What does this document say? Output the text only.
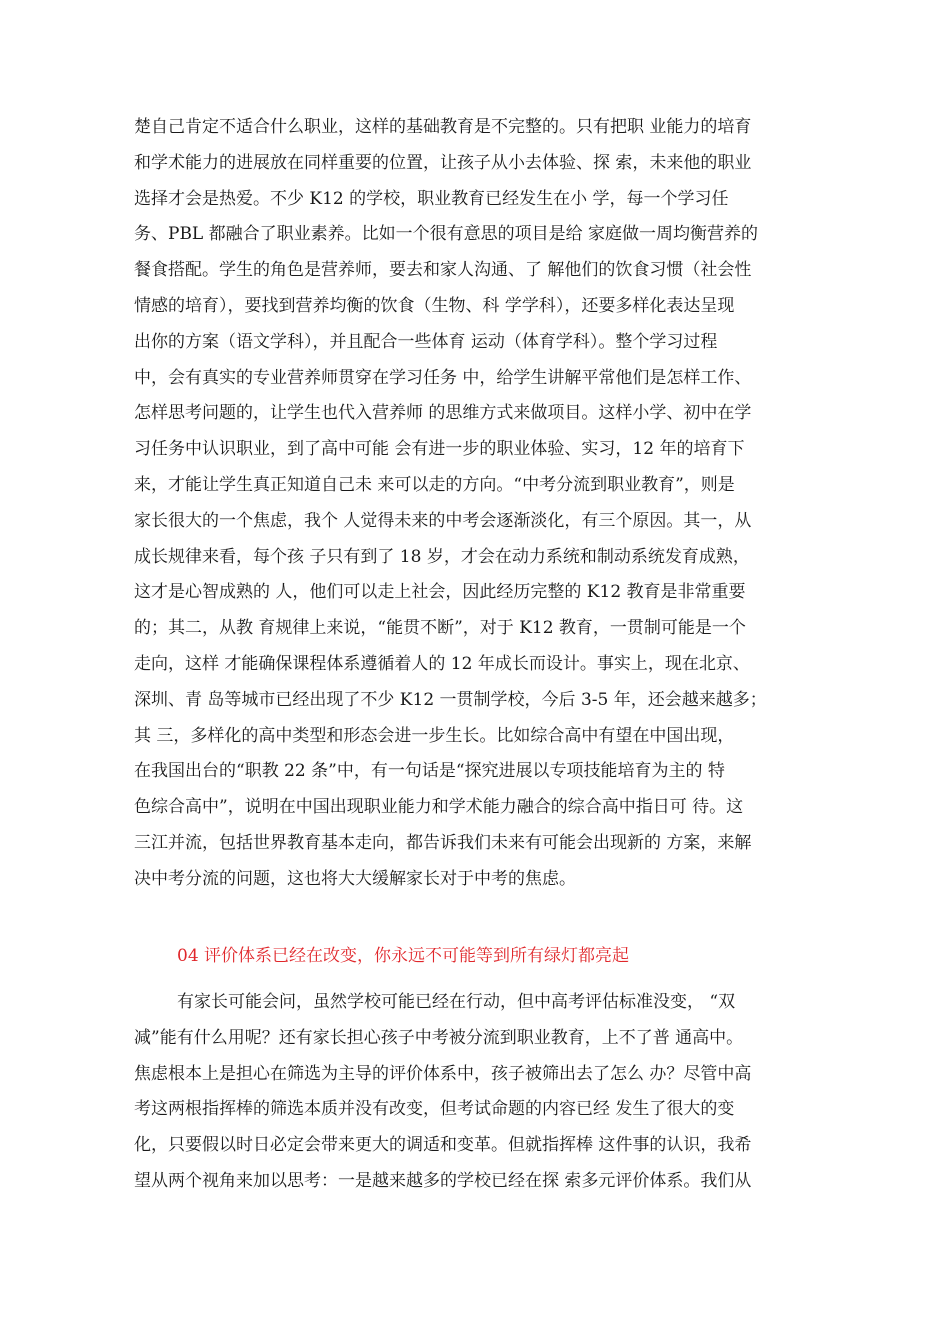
楚自己肯定不适合什么职业，这样的基础教育是不完整的。只有把职 业能力的培育
和学术能力的进展放在同样重要的位置，让孩子从小去体验、探 索，未来他的职业
选择才会是热爱。不少 K12 的学校，职业教育已经发生在小 学，每一个学习任
务、PBL 都融合了职业素养。比如一个很有意思的项目是给 家庭做一周均衡营养的
餐食搭配。学生的角色是营养师，要去和家人沟通、了 解他们的饮食习惯（社会性
情感的培育），要找到营养均衡的饮食（生物、科 学学科），还要多样化表达呈现
出你的方案（语文学科），并且配合一些体育 运动（体育学科）。整个学习过程
中，会有真实的专业营养师贯穿在学习任务 中，给学生讲解平常他们是怎样工作、
怎样思考问题的，让学生也代入营养师 的思维方式来做项目。这样小学、初中在学
习任务中认识职业，到了高中可能 会有进一步的职业体验、实习，12 年的培育下
来，才能让学生真正知道自己未 来可以走的方向。“中考分流到职业教育”，则是
家长很大的一个焦虑，我个 人觉得未来的中考会逐渐淡化，有三个原因。其一，从
成长规律来看，每个孩 子只有到了 18 岁，才会在动力系统和制动系统发育成熟，
这才是心智成熟的 人，他们可以走上社会，因此经历完整的 K12 教育是非常重要
的；其二，从教 育规律上来说，“能贯不断”，对于 K12 教育，一贯制可能是一个
走向，这样 才能确保课程体系遵循着人的 12 年成长而设计。事实上，现在北京、
深圳、青 岛等城市已经出现了不少 K12 一贯制学校，今后 3-5 年，还会越来越多；
其 三，多样化的高中类型和形态会进一步生长。比如综合高中有望在中国出现，
在我国出台的“职教 22 条”中，有一句话是“探究进展以专项技能培育为主的 特
色综合高中”，说明在中国出现职业能力和学术能力融合的综合高中指日可 待。这
三江并流，包括世界教育基本走向，都告诉我们未来有可能会出现新的 方案，来解
决中考分流的问题，这也将大大缓解家长对于中考的焦虑。
04 评价体系已经在改变，你永远不可能等到所有绿灯都亮起
有家长可能会问，虽然学校可能已经在行动，但中高考评估标准没变， “双
减”能有什么用呢？还有家长担心孩子中考被分流到职业教育，上不了普 通高中。
焦虑根本上是担心在筛选为主导的评价体系中，孩子被筛出去了怎么 办？尽管中高
考这两根指挥棒的筛选本质并没有改变，但考试命题的内容已经 发生了很大的变
化，只要假以时日必定会带来更大的调适和变革。但就指挥棒 这件事的认识，我希
望从两个视角来加以思考：一是越来越多的学校已经在探 索多元评价体系。我们从
